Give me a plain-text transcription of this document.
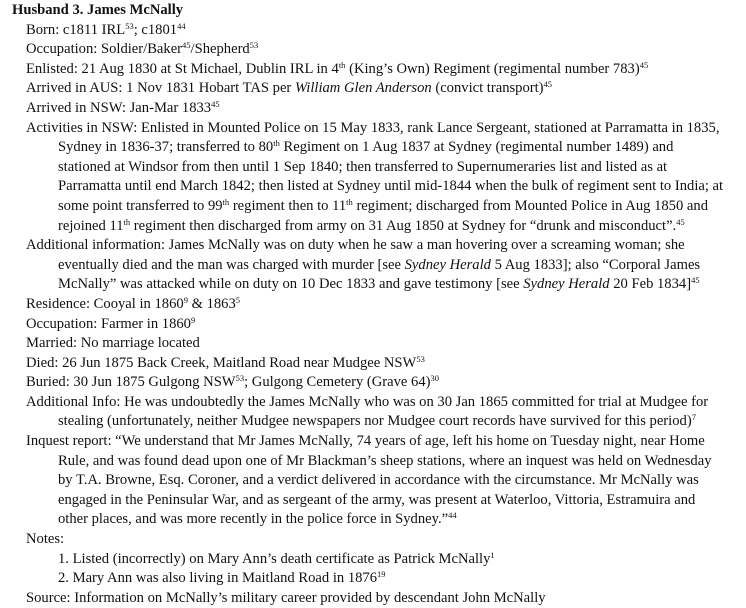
Husband 3. James McNally
Born: c1811 IRL$^{53}$; c1801$^{44}$
Occupation: Soldier/Baker$^{45}$/Shepherd$^{53}$
Enlisted: 21 Aug 1830 at St Michael, Dublin IRL in 4th (King’s Own) Regiment (regimental number 783)$^{45}$
Arrived in AUS: 1 Nov 1831 Hobart TAS per William Glen Anderson (convict transport)$^{45}$
Arrived in NSW: Jan-Mar 1833$^{45}$
Activities in NSW: Enlisted in Mounted Police on 15 May 1833, rank Lance Sergeant, stationed at Parramatta in 1835, Sydney in 1836-37; transferred to 80th Regiment on 1 Aug 1837 at Sydney (regimental number 1489) and stationed at Windsor from then until 1 Sep 1840; then transferred to Supernumeraries list and listed as at Parramatta until end March 1842; then listed at Sydney until mid-1844 when the bulk of regiment sent to India; at some point transferred to 99th regiment then to 11th regiment; discharged from Mounted Police in Aug 1850 and rejoined 11th regiment then discharged from army on 31 Aug 1850 at Sydney for “drunk and misconduct”.$^{45}$
Additional information: James McNally was on duty when he saw a man hovering over a screaming woman; she eventually died and the man was charged with murder [see Sydney Herald 5 Aug 1833]; also “Corporal James McNally” was attacked while on duty on 10 Dec 1833 and gave testimony [see Sydney Herald 20 Feb 1834]$^{45}$
Residence: Cooyal in 1860$^9$ & 1863$^5$
Occupation: Farmer in 1860$^9$
Married: No marriage located
Died: 26 Jun 1875 Back Creek, Maitland Road near Mudgee NSW$^{53}$
Buried: 30 Jun 1875 Gulgong NSW$^{53}$; Gulgong Cemetery (Grave 64)$^{30}$
Additional Info: He was undoubtedly the James McNally who was on 30 Jan 1865 committed for trial at Mudgee for stealing (unfortunately, neither Mudgee newspapers nor Mudgee court records have survived for this period)$^7$
Inquest report: “We understand that Mr James McNally, 74 years of age, left his home on Tuesday night, near Home Rule, and was found dead upon one of Mr Blackman’s sheep stations, where an inquest was held on Wednesday by T.A. Browne, Esq. Coroner, and a verdict delivered in accordance with the circumstance. Mr McNally was engaged in the Peninsular War, and as sergeant of the army, was present at Waterloo, Vittoria, Estramuira and other places, and was more recently in the police force in Sydney.”$^{44}$
Notes:
1. Listed (incorrectly) on Mary Ann’s death certificate as Patrick McNally$^1$
2. Mary Ann was also living in Maitland Road in 1876$^{19}$
Source: Information on McNally’s military career provided by descendant John McNally
